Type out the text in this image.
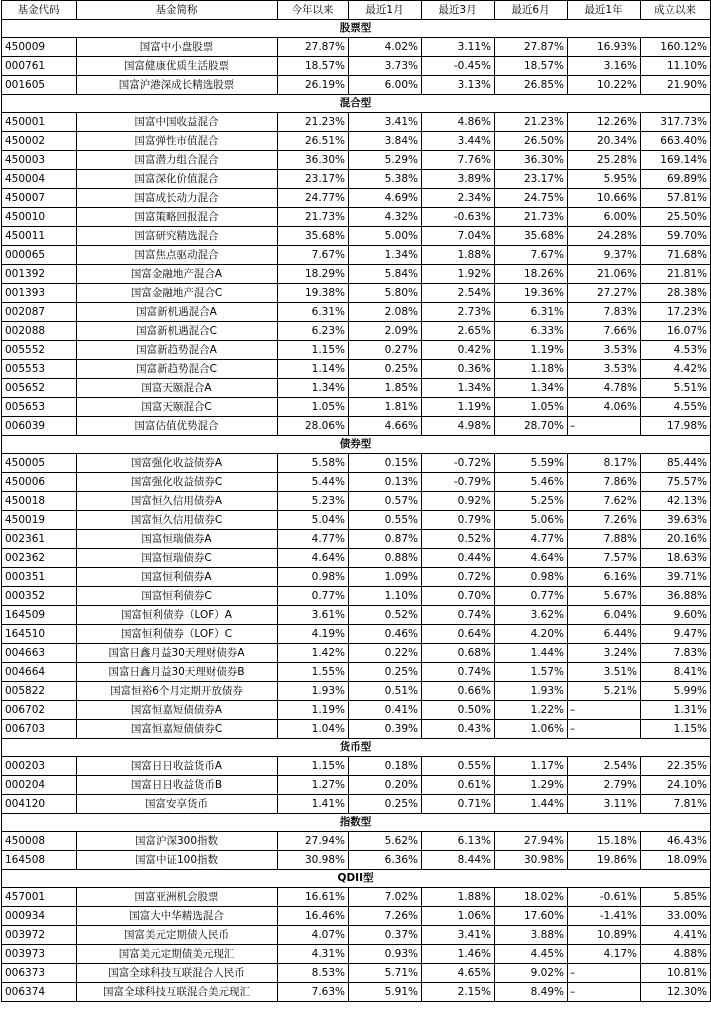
基金代码	基金简称	今年以来	最近1月	最近3月	最近6月	最近1年	成立以来
股票型							
450009	国富中小盘股票	27.87%	4.02%	3.11%	27.87%	16.93%	160.12%
000761	国富健康优质生活股票	18.57%	3.73%	-0.45%	18.57%	3.16%	11.10%
001605	国富沪港深成长精选股票	26.19%	6.00%	3.13%	26.85%	10.22%	21.90%
混合型							
450001	国富中国收益混合	21.23%	3.41%	4.86%	21.23%	12.26%	317.73%
450002	国富弹性市值混合	26.51%	3.84%	3.44%	26.50%	20.34%	663.40%
450003	国富潜力组合混合	36.30%	5.29%	7.76%	36.30%	25.28%	169.14%
450004	国富深化价值混合	23.17%	5.38%	3.89%	23.17%	5.95%	69.89%
450007	国富成长动力混合	24.77%	4.69%	2.34%	24.75%	10.66%	57.81%
450010	国富策略回报混合	21.73%	4.32%	-0.63%	21.73%	6.00%	25.50%
450011	国富研究精选混合	35.68%	5.00%	7.04%	35.68%	24.28%	59.70%
000065	国富焦点驱动混合	7.67%	1.34%	1.88%	7.67%	9.37%	71.68%
001392	国富金融地产混合A	18.29%	5.84%	1.92%	18.26%	21.06%	21.81%
001393	国富金融地产混合C	19.38%	5.80%	2.54%	19.36%	27.27%	28.38%
002087	国富新机遇混合A	6.31%	2.08%	2.73%	6.31%	7.83%	17.23%
002088	国富新机遇混合C	6.23%	2.09%	2.65%	6.33%	7.66%	16.07%
005552	国富新趋势混合A	1.15%	0.27%	0.42%	1.19%	3.53%	4.53%
005553	国富新趋势混合C	1.14%	0.25%	0.36%	1.18%	3.53%	4.42%
005652	国富天颐混合A	1.34%	1.85%	1.34%	1.34%	4.78%	5.51%
005653	国富天颐混合C	1.05%	1.81%	1.19%	1.05%	4.06%	4.55%
006039	国富估值优势混合	28.06%	4.66%	4.98%	28.70%	–	17.98%
债券型							
450005	国富强化收益债券A	5.58%	0.15%	-0.72%	5.59%	8.17%	85.44%
450006	国富强化收益债券C	5.44%	0.13%	-0.79%	5.46%	7.86%	75.57%
450018	国富恒久信用债券A	5.23%	0.57%	0.92%	5.25%	7.62%	42.13%
450019	国富恒久信用债券C	5.04%	0.55%	0.79%	5.06%	7.26%	39.63%
002361	国富恒瑞债券A	4.77%	0.87%	0.52%	4.77%	7.88%	20.16%
002362	国富恒瑞债券C	4.64%	0.88%	0.44%	4.64%	7.57%	18.63%
000351	国富恒利债券A	0.98%	1.09%	0.72%	0.98%	6.16%	39.71%
000352	国富恒利债券C	0.77%	1.10%	0.70%	0.77%	5.67%	36.88%
164509	国富恒利债券（LOF）A	3.61%	0.52%	0.74%	3.62%	6.04%	9.60%
164510	国富恒利债券（LOF）C	4.19%	0.46%	0.64%	4.20%	6.44%	9.47%
004663	国富日鑫月益30天理财债券A	1.42%	0.22%	0.68%	1.44%	3.24%	7.83%
004664	国富日鑫月益30天理财债券B	1.55%	0.25%	0.74%	1.57%	3.51%	8.41%
005822	国富恒裕6个月定期开放债券	1.93%	0.51%	0.66%	1.93%	5.21%	5.99%
006702	国富恒嘉短债债券A	1.19%	0.41%	0.50%	1.22%	–	1.31%
006703	国富恒嘉短债债券C	1.04%	0.39%	0.43%	1.06%	–	1.15%
货币型							
000203	国富日日收益货币A	1.15%	0.18%	0.55%	1.17%	2.54%	22.35%
000204	国富日日收益货币B	1.27%	0.20%	0.61%	1.29%	2.79%	24.10%
004120	国富安享货币	1.41%	0.25%	0.71%	1.44%	3.11%	7.81%
指数型							
450008	国富沪深300指数	27.94%	5.62%	6.13%	27.94%	15.18%	46.43%
164508	国富中证100指数	30.98%	6.36%	8.44%	30.98%	19.86%	18.09%
QDII型							
457001	国富亚洲机会股票	16.61%	7.02%	1.88%	18.02%	-0.61%	5.85%
000934	国富大中华精选混合	16.46%	7.26%	1.06%	17.60%	-1.41%	33.00%
003972	国富美元定期债人民币	4.07%	0.37%	3.41%	3.88%	10.89%	4.41%
003973	国富美元定期债美元现汇	4.31%	0.93%	1.46%	4.45%	4.17%	4.88%
006373	国富全球科技互联混合人民币	8.53%	5.71%	4.65%	9.02%	–	10.81%
006374	国富全球科技互联混合美元现汇	7.63%	5.91%	2.15%	8.49%	–	12.30%
